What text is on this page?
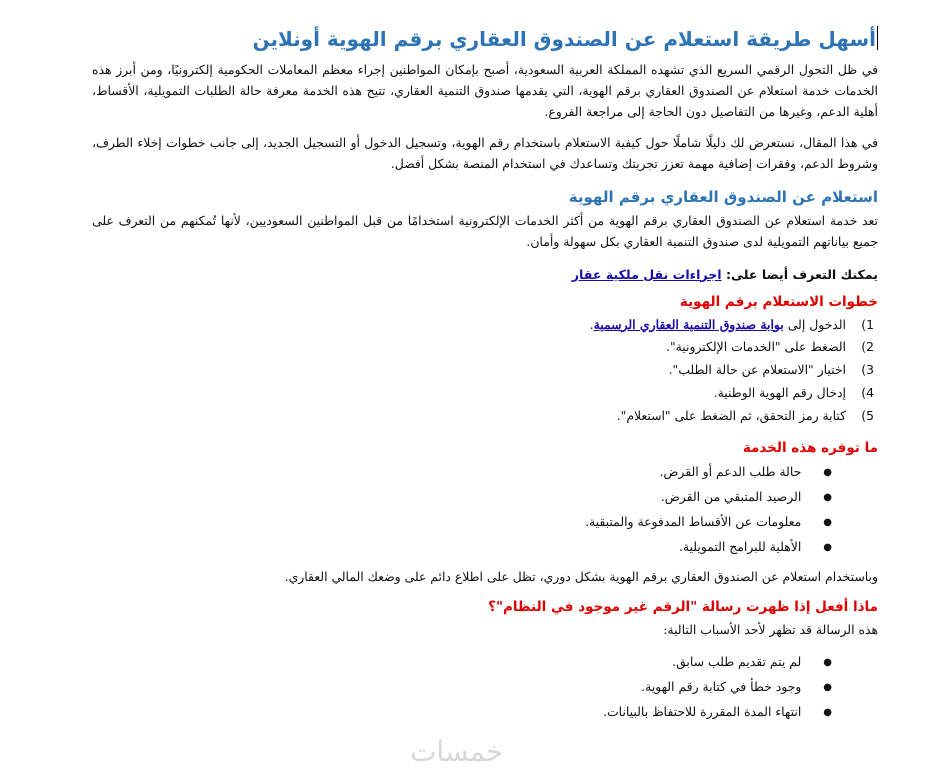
أسهل طريقة استعلام عن الصندوق العقاري برقم الهوية أونلاين

في ظل التحول الرقمي السريع الذي تشهده المملكة العربية السعودية، أصبح بإمكان المواطنين إجراء معظم المعاملات الحكومية إلكترونيًا، ومن أبرز هذه الخدمات خدمة استعلام عن الصندوق العقاري برقم الهوية، التي يقدمها صندوق التنمية العقاري، تتيح هذه الخدمة معرفة حالة الطلبات التمويلية، الأقساط، أهلية الدعم، وغيرها من التفاصيل دون الحاجة إلى مراجعة الفروع.

في هذا المقال، نستعرض لك دليلًا شاملًا حول كيفية الاستعلام باستخدام رقم الهوية، وتسجيل الدخول أو التسجيل الجديد، إلى جانب خطوات إخلاء الطرف، وشروط الدعم، وفقرات إضافية مهمة تعزز تجربتك وتساعدك في استخدام المنصة بشكل أفضل.

استعلام عن الصندوق العقاري برقم الهوية

تعد خدمة استعلام عن الصندوق العقاري برقم الهوية من أكثر الخدمات الإلكترونية استخدامًا من قبل المواطنين السعوديين، لأنها تُمكنهم من التعرف على جميع بياناتهم التمويلية لدى صندوق التنمية العقاري بكل سهولة وأمان.

يمكنك التعرف أيضا على: اجراءات نقل ملكية عقار
خطوات الاستعلام برقم الهوية
1)
الدخول إلى بوابة صندوق التنمية العقاري الرسمية.
2)
الضغط على "الخدمات الإلكترونية".
3)
اختيار "الاستعلام عن حالة الطلب".
4)
إدخال رقم الهوية الوطنية.
5)
كتابة رمز التحقق، ثم الضغط على "استعلام".
ما توفره هذه الخدمة
●
حالة طلب الدعم أو القرض.
●
الرصيد المتبقي من القرض.
●
معلومات عن الأقساط المدفوعة والمتبقية.
●
الأهلية للبرامج التمويلية.

وباستخدام استعلام عن الصندوق العقاري برقم الهوية بشكل دوري، تظل على اطلاع دائم على وضعك المالي العقاري.

ماذا أفعل إذا ظهرت رسالة "الرقم غير موجود في النظام"؟

هذه الرسالة قد تظهر لأحد الأسباب التالية:

●
لم يتم تقديم طلب سابق.
●
وجود خطأ في كتابة رقم الهوية.
●
انتهاء المدة المقررة للاحتفاظ بالبيانات.
خمسات
